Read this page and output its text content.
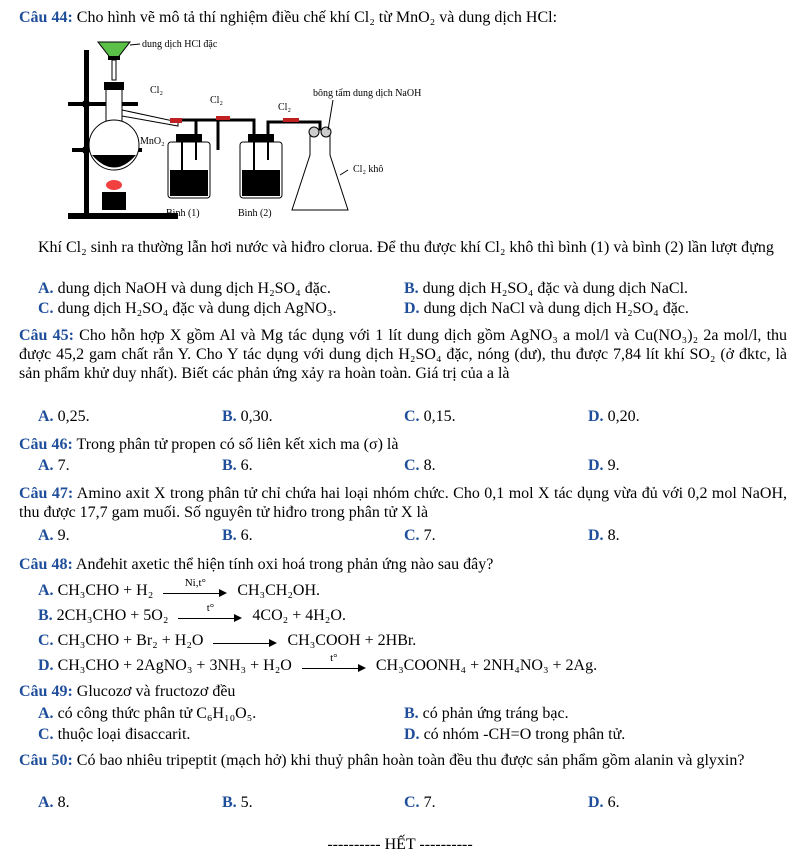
Câu 44: Cho hình vẽ mô tả thí nghiệm điều chế khí Cl₂ từ MnO₂ và dung dịch HCl:
dung dịch HCl đặc
Cl₂
Cl₂
Cl₂
bông tẩm dung dịch NaOH
MnO₂
Cl₂ khô
Bình (1)	Bình (2)
Khí Cl₂ sinh ra thường lẫn hơi nước và hiđro clorua. Để thu được khí Cl₂ khô thì bình (1) và bình (2) lần lượt đựng
A. dung dịch NaOH và dung dịch H₂SO₄ đặc.	B. dung dịch H₂SO₄ đặc và dung dịch NaCl.
C. dung dịch H₂SO₄ đặc và dung dịch AgNO₃.	D. dung dịch NaCl và dung dịch H₂SO₄ đặc.
Câu 45: Cho hỗn hợp X gồm Al và Mg tác dụng với 1 lít dung dịch gồm AgNO₃ a mol/l và Cu(NO₃)₂ 2a mol/l, thu được 45,2 gam chất rắn Y. Cho Y tác dụng với dung dịch H₂SO₄ đặc, nóng (dư), thu được 7,84 lít khí SO₂ (ở đktc, là sản phẩm khử duy nhất). Biết các phản ứng xảy ra hoàn toàn. Giá trị của a là
A. 0,25.	B. 0,30.	C. 0,15.	D. 0,20.
Câu 46: Trong phân tử propen có số liên kết xich ma (σ) là
A. 7.	B. 6.	C. 8.	D. 9.
Câu 47: Amino axit X trong phân tử chỉ chứa hai loại nhóm chức. Cho 0,1 mol X tác dụng vừa đủ với 0,2 mol NaOH, thu được 17,7 gam muối. Số nguyên tử hiđro trong phân tử X là
A. 9.	B. 6.	C. 7.	D. 8.
Câu 48: Anđehit axetic thể hiện tính oxi hoá trong phản ứng nào sau đây?
A. CH₃CHO + H₂	Ni,t°	CH₃CH₂OH.
B. 2CH₃CHO + 5O₂	t°	4CO₂ + 4H₂O.
C. CH₃CHO + Br₂ + H₂O	CH₃COOH + 2HBr.
D. CH₃CHO + 2AgNO₃ + 3NH₃ + H₂O	t°	CH₃COONH₄ + 2NH₄NO₃ + 2Ag.
Câu 49: Glucozơ và fructozơ đều
A. có công thức phân tử C₆H₁₀O₅.	B. có phản ứng tráng bạc.
C. thuộc loại đisaccarit.	D. có nhóm -CH=O trong phân tử.
Câu 50: Có bao nhiêu tripeptit (mạch hở) khi thuỷ phân hoàn toàn đều thu được sản phẩm gồm alanin và glyxin?
A. 8.	B. 5.	C. 7.	D. 6.
---------- HẾT ----------
